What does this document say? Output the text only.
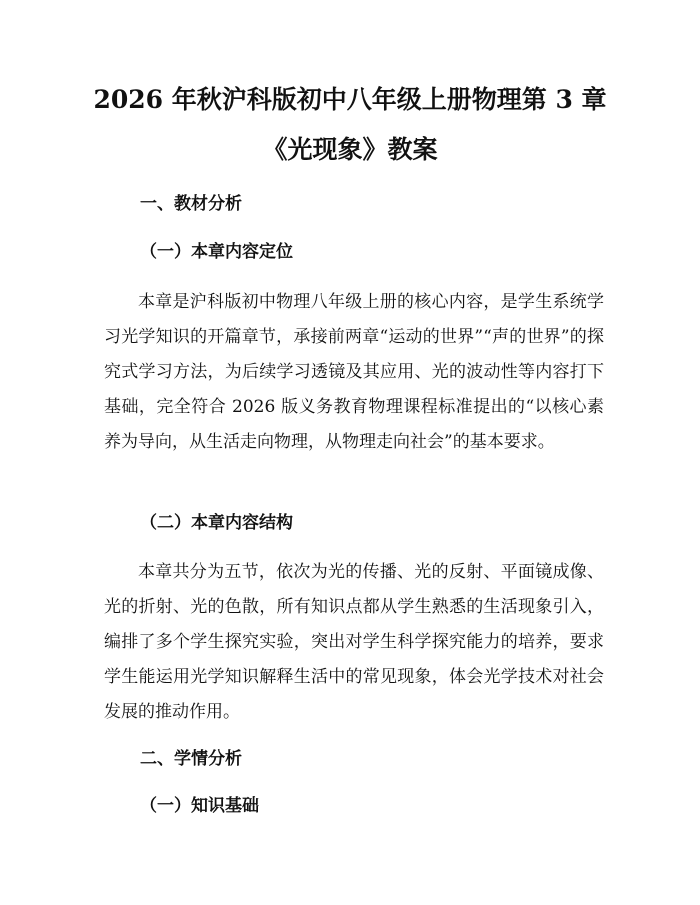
2026 年秋沪科版初中八年级上册物理第 3 章
《光现象》教案
一、教材分析
（一）本章内容定位

本章是沪科版初中物理八年级上册的核心内容，是学生系统学习光学知识的开篇章节，承接前两章“运动的世界”“声的世界”的探究式学习方法，为后续学习透镜及其应用、光的波动性等内容打下基础，完全符合 2026 版义务教育物理课程标准提出的“以核心素养为导向，从生活走向物理，从物理走向社会”的基本要求。

（二）本章内容结构

本章共分为五节，依次为光的传播、光的反射、平面镜成像、光的折射、光的色散，所有知识点都从学生熟悉的生活现象引入，编排了多个学生探究实验，突出对学生科学探究能力的培养，要求学生能运用光学知识解释生活中的常见现象，体会光学技术对社会发展的推动作用。

二、学情分析
（一）知识基础
